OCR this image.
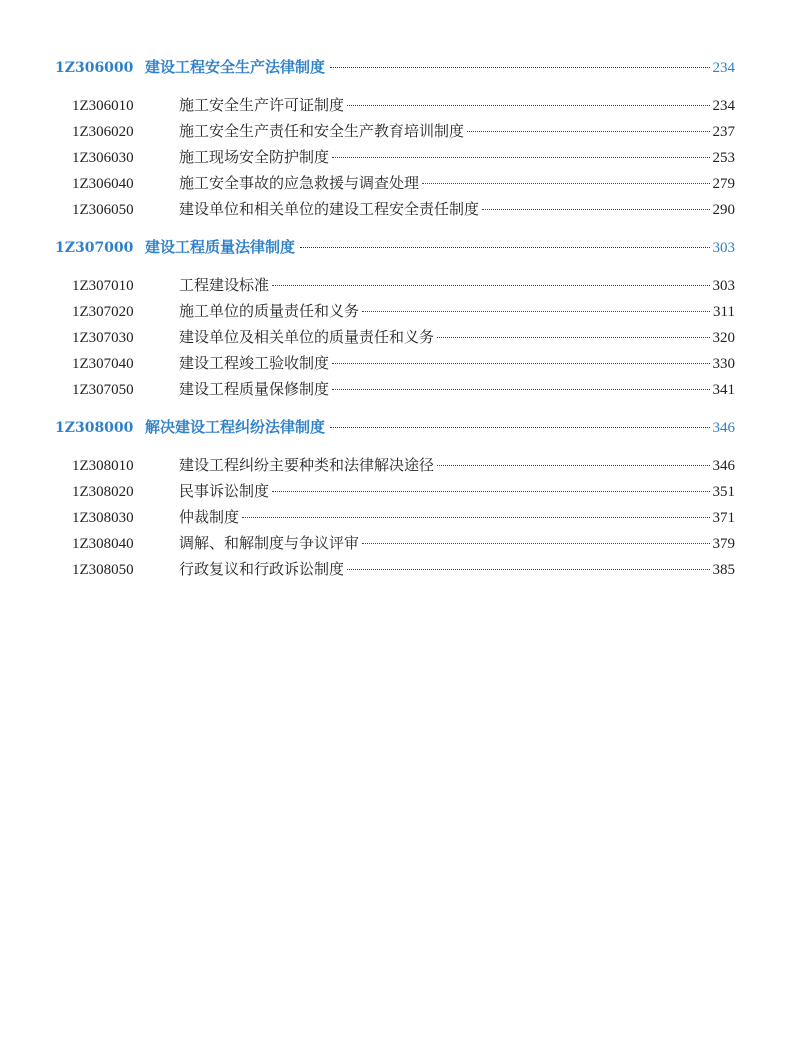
1Z306000 建设工程安全生产法律制度	234
1Z306010	施工安全生产许可证制度	234
1Z306020	施工安全生产责任和安全生产教育培训制度	237
1Z306030	施工现场安全防护制度	253
1Z306040	施工安全事故的应急救援与调查处理	279
1Z306050	建设单位和相关单位的建设工程安全责任制度	290
1Z307000 建设工程质量法律制度	303
1Z307010	工程建设标准	303
1Z307020	施工单位的质量责任和义务	311
1Z307030	建设单位及相关单位的质量责任和义务	320
1Z307040	建设工程竣工验收制度	330
1Z307050	建设工程质量保修制度	341
1Z308000 解决建设工程纠纷法律制度	346
1Z308010	建设工程纠纷主要种类和法律解决途径	346
1Z308020	民事诉讼制度	351
1Z308030	仲裁制度	371
1Z308040	调解、和解制度与争议评审	379
1Z308050	行政复议和行政诉讼制度	385
